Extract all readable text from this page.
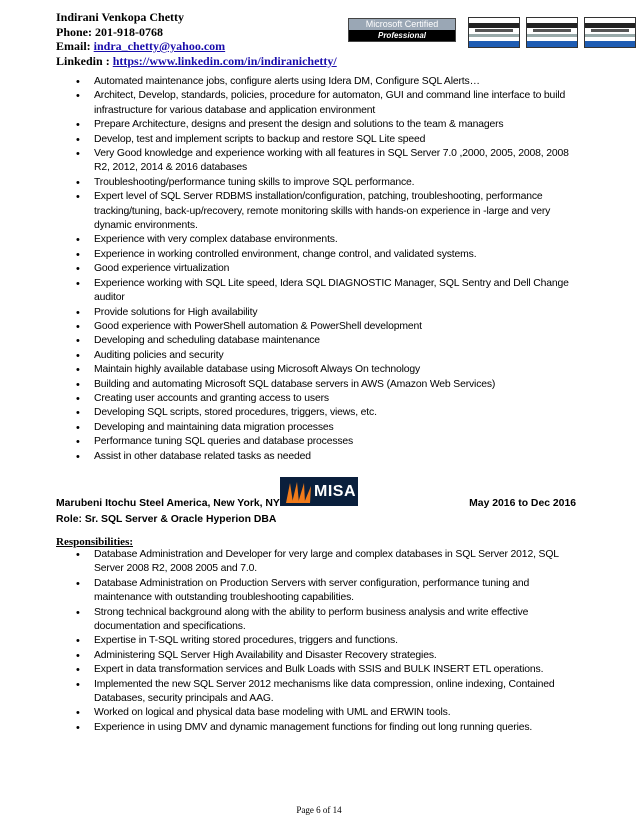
Indirani Venkopa Chetty
Phone: 201-918-0768
Email: indra_chetty@yahoo.com
Linkedin : https://www.linkedin.com/in/indiranichetty/
Microsoft Certified
Professional
• Automated maintenance jobs, configure alerts using Idera DM, Configure SQL Alerts…
• Architect, Develop, standards, policies, procedure for automaton, GUI and command line interface to build infrastructure for various database and application environment
• Prepare Architecture, designs and present the design and solutions to the team & managers
• Develop, test and implement scripts to backup and restore SQL Lite speed
• Very Good knowledge and experience working with all features in SQL Server 7.0 ,2000, 2005, 2008, 2008 R2, 2012, 2014 & 2016 databases
• Troubleshooting/performance tuning skills to improve SQL performance.
• Expert level of SQL Server RDBMS installation/configuration, patching, troubleshooting, performance tracking/tuning, back-up/recovery, remote monitoring skills with hands-on experience in -large and very dynamic environments.
• Experience with very complex database environments.
• Experience in working controlled environment, change control, and validated systems.
• Good experience virtualization
• Experience working with SQL Lite speed, Idera SQL DIAGNOSTIC Manager, SQL Sentry and Dell Change auditor
• Provide solutions for High availability
• Good experience with PowerShell automation & PowerShell development
• Developing and scheduling database maintenance
• Auditing policies and security
• Maintain highly available database using Microsoft Always On technology
• Building and automating Microsoft SQL database servers in AWS (Amazon Web Services)
• Creating user accounts and granting access to users
• Developing SQL scripts, stored procedures, triggers, views, etc.
• Developing and maintaining data migration processes
• Performance tuning SQL queries and database processes
• Assist in other database related tasks as needed
Marubeni Itochu Steel America, New York, NY	May 2016 to Dec 2016
Role: Sr. SQL Server & Oracle Hyperion DBA
MISA
Responsibilities:
• Database Administration and Developer for very large and complex databases in SQL Server 2012, SQL Server 2008 R2, 2008 2005 and 7.0.
• Database Administration on Production Servers with server configuration, performance tuning and maintenance with outstanding troubleshooting capabilities.
• Strong technical background along with the ability to perform business analysis and write effective documentation and specifications.
• Expertise in T-SQL writing stored procedures, triggers and functions.
• Administering SQL Server High Availability and Disaster Recovery strategies.
• Expert in data transformation services and Bulk Loads with SSIS and BULK INSERT ETL operations.
• Implemented the new SQL Server 2012 mechanisms like data compression, online indexing, Contained Databases, security principals and AAG.
• Worked on logical and physical data base modeling with UML and ERWIN tools.
• Experience in using DMV and dynamic management functions for finding out long running queries.
Page 6 of 14
